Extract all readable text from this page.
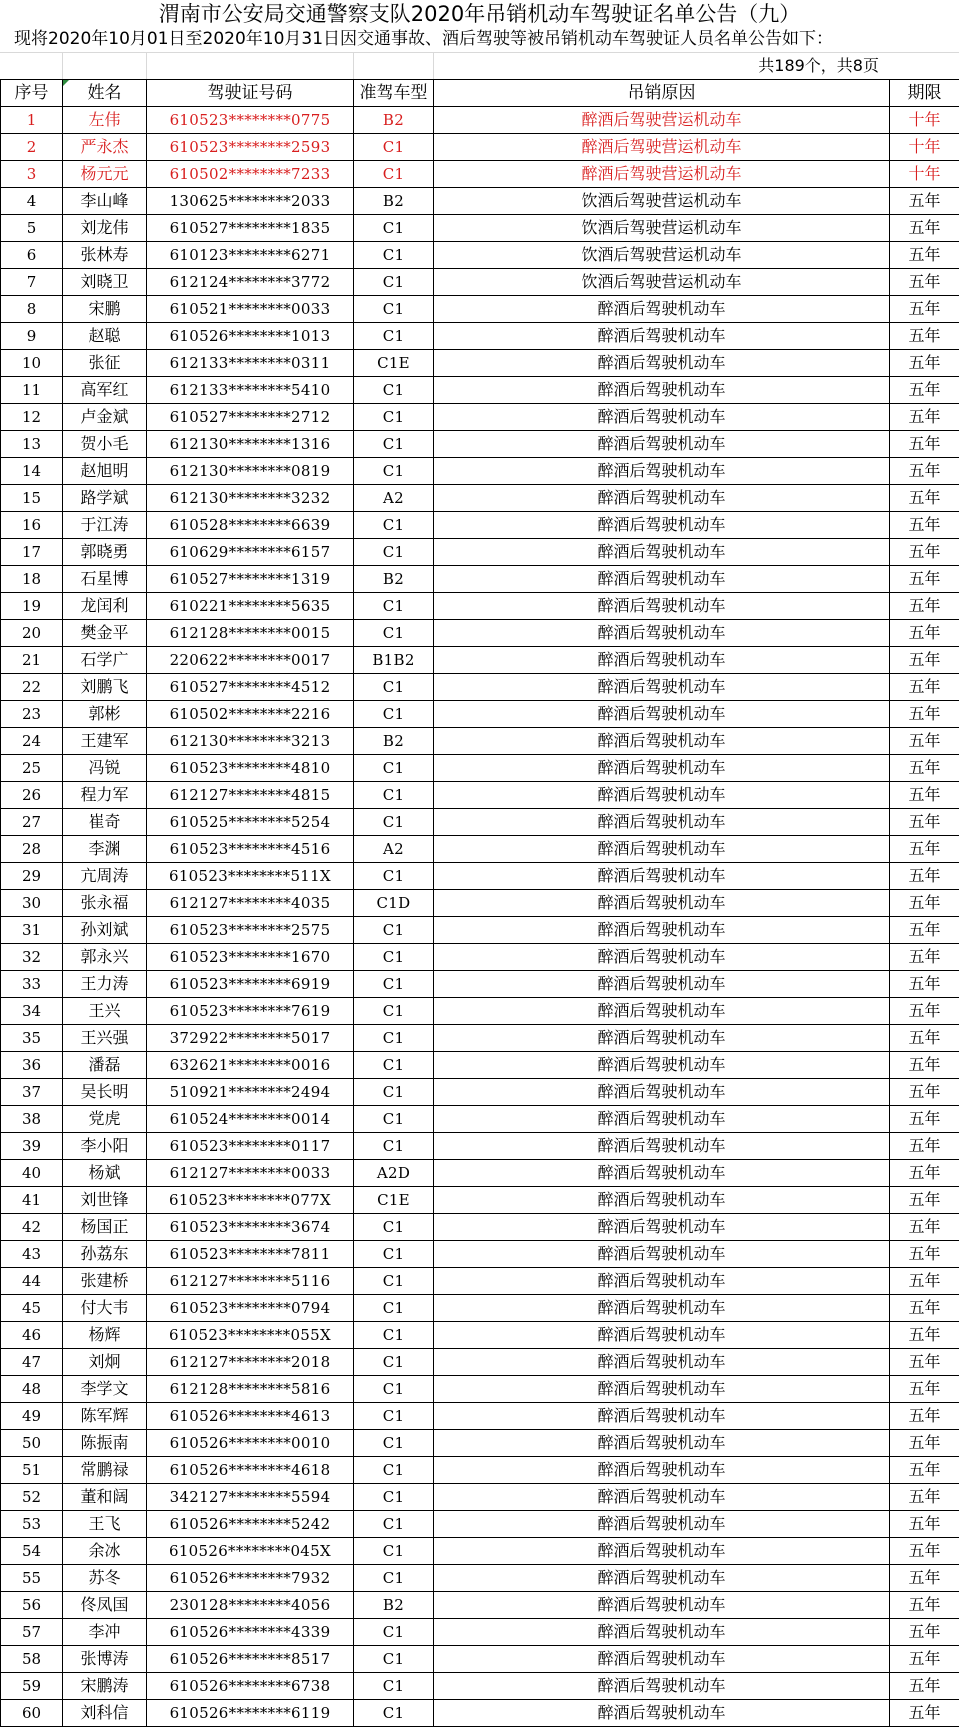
渭南市公安局交通警察支队2020年吊销机动车驾驶证名单公告（九）
现将2020年10月01日至2020年10月31日因交通事故、酒后驾驶等被吊销机动车驾驶证人员名单公告如下：
共189个，共8页
序号	姓名	驾驶证号码	准驾车型	吊销原因	期限
1	左伟	610523********0775	B2	醉酒后驾驶营运机动车	十年
2	严永杰	610523********2593	C1	醉酒后驾驶营运机动车	十年
3	杨元元	610502********7233	C1	醉酒后驾驶营运机动车	十年
4	李山峰	130625********2033	B2	饮酒后驾驶营运机动车	五年
5	刘龙伟	610527********1835	C1	饮酒后驾驶营运机动车	五年
6	张林寿	610123********6271	C1	饮酒后驾驶营运机动车	五年
7	刘晓卫	612124********3772	C1	饮酒后驾驶营运机动车	五年
8	宋鹏	610521********0033	C1	醉酒后驾驶机动车	五年
9	赵聪	610526********1013	C1	醉酒后驾驶机动车	五年
10	张征	612133********0311	C1E	醉酒后驾驶机动车	五年
11	高军红	612133********5410	C1	醉酒后驾驶机动车	五年
12	卢金斌	610527********2712	C1	醉酒后驾驶机动车	五年
13	贺小毛	612130********1316	C1	醉酒后驾驶机动车	五年
14	赵旭明	612130********0819	C1	醉酒后驾驶机动车	五年
15	路学斌	612130********3232	A2	醉酒后驾驶机动车	五年
16	于江涛	610528********6639	C1	醉酒后驾驶机动车	五年
17	郭晓勇	610629********6157	C1	醉酒后驾驶机动车	五年
18	石星博	610527********1319	B2	醉酒后驾驶机动车	五年
19	龙闰利	610221********5635	C1	醉酒后驾驶机动车	五年
20	樊金平	612128********0015	C1	醉酒后驾驶机动车	五年
21	石学广	220622********0017	B1B2	醉酒后驾驶机动车	五年
22	刘鹏飞	610527********4512	C1	醉酒后驾驶机动车	五年
23	郭彬	610502********2216	C1	醉酒后驾驶机动车	五年
24	王建军	612130********3213	B2	醉酒后驾驶机动车	五年
25	冯锐	610523********4810	C1	醉酒后驾驶机动车	五年
26	程力军	612127********4815	C1	醉酒后驾驶机动车	五年
27	崔奇	610525********5254	C1	醉酒后驾驶机动车	五年
28	李渊	610523********4516	A2	醉酒后驾驶机动车	五年
29	亢周涛	610523********511X	C1	醉酒后驾驶机动车	五年
30	张永福	612127********4035	C1D	醉酒后驾驶机动车	五年
31	孙刘斌	610523********2575	C1	醉酒后驾驶机动车	五年
32	郭永兴	610523********1670	C1	醉酒后驾驶机动车	五年
33	王力涛	610523********6919	C1	醉酒后驾驶机动车	五年
34	王兴	610523********7619	C1	醉酒后驾驶机动车	五年
35	王兴强	372922********5017	C1	醉酒后驾驶机动车	五年
36	潘磊	632621********0016	C1	醉酒后驾驶机动车	五年
37	吴长明	510921********2494	C1	醉酒后驾驶机动车	五年
38	党虎	610524********0014	C1	醉酒后驾驶机动车	五年
39	李小阳	610523********0117	C1	醉酒后驾驶机动车	五年
40	杨斌	612127********0033	A2D	醉酒后驾驶机动车	五年
41	刘世锋	610523********077X	C1E	醉酒后驾驶机动车	五年
42	杨国正	610523********3674	C1	醉酒后驾驶机动车	五年
43	孙荔东	610523********7811	C1	醉酒后驾驶机动车	五年
44	张建桥	612127********5116	C1	醉酒后驾驶机动车	五年
45	付大韦	610523********0794	C1	醉酒后驾驶机动车	五年
46	杨辉	610523********055X	C1	醉酒后驾驶机动车	五年
47	刘炯	612127********2018	C1	醉酒后驾驶机动车	五年
48	李学文	612128********5816	C1	醉酒后驾驶机动车	五年
49	陈军辉	610526********4613	C1	醉酒后驾驶机动车	五年
50	陈振南	610526********0010	C1	醉酒后驾驶机动车	五年
51	常鹏禄	610526********4618	C1	醉酒后驾驶机动车	五年
52	董和阔	342127********5594	C1	醉酒后驾驶机动车	五年
53	王飞	610526********5242	C1	醉酒后驾驶机动车	五年
54	余冰	610526********045X	C1	醉酒后驾驶机动车	五年
55	苏冬	610526********7932	C1	醉酒后驾驶机动车	五年
56	佟凤国	230128********4056	B2	醉酒后驾驶机动车	五年
57	李冲	610526********4339	C1	醉酒后驾驶机动车	五年
58	张博涛	610526********8517	C1	醉酒后驾驶机动车	五年
59	宋鹏涛	610526********6738	C1	醉酒后驾驶机动车	五年
60	刘科信	610526********6119	C1	醉酒后驾驶机动车	五年
